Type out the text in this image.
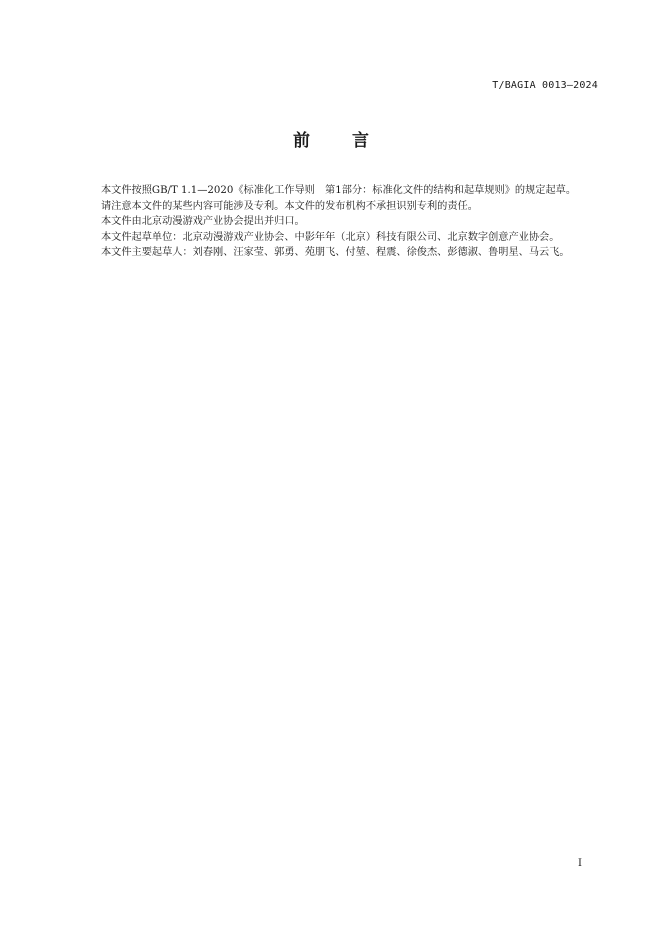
T/BAGIA 0013—2024
前 言

本文件按照GB/T 1.1—2020《标准化工作导则　第1部分：标准化文件的结构和起草规则》的规定起草。

请注意本文件的某些内容可能涉及专利。本文件的发布机构不承担识别专利的责任。

本文件由北京动漫游戏产业协会提出并归口。

本文件起草单位：北京动漫游戏产业协会、中影年年（北京）科技有限公司、北京数字创意产业协会。

本文件主要起草人：刘春刚、汪家莹、郭勇、苑朋飞、付堃、程震、徐俊杰、彭德淑、鲁明星、马云飞。

I
